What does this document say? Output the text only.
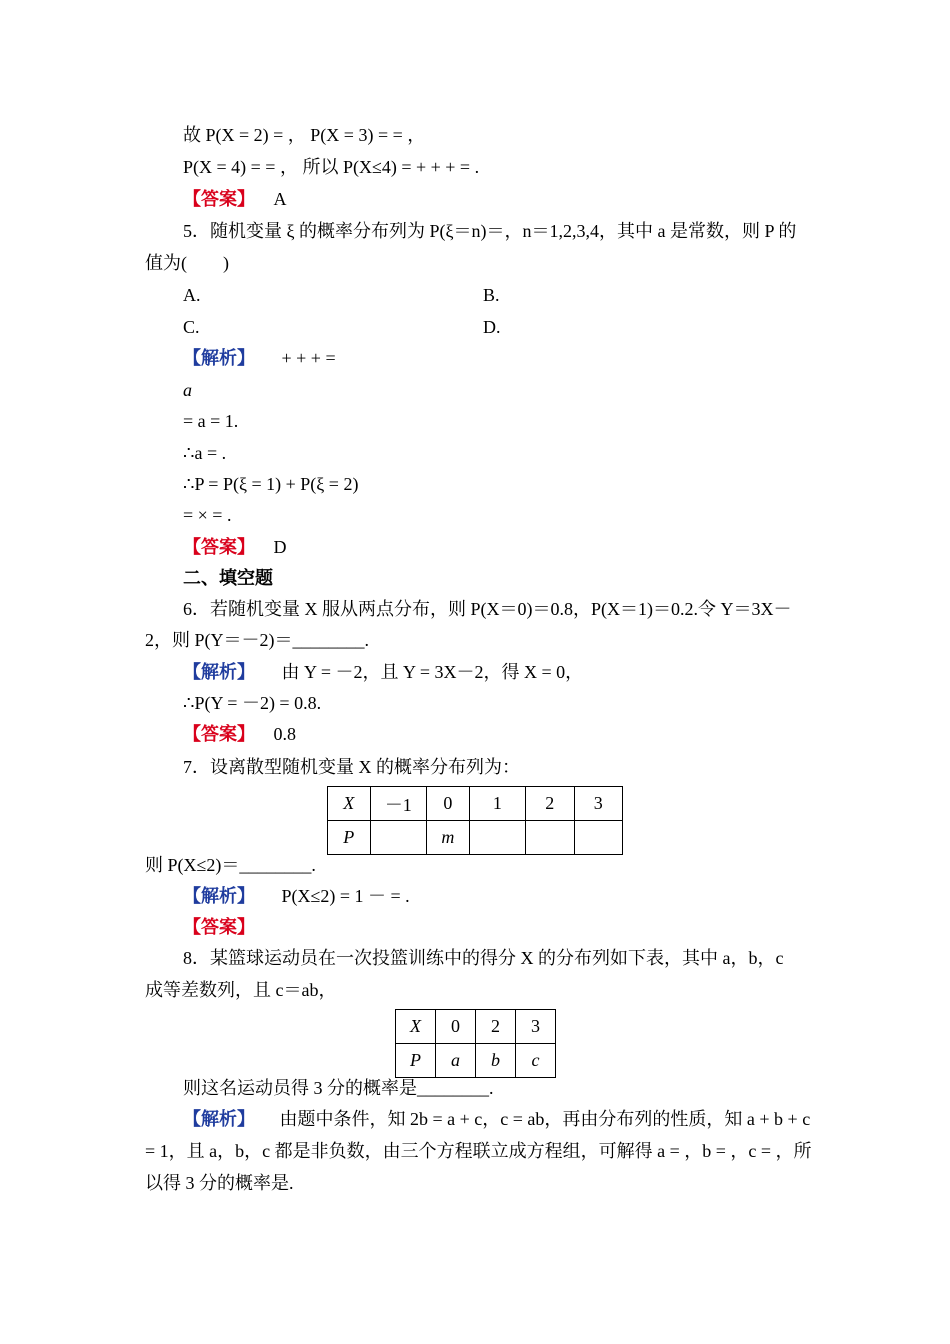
故 P(X = 2) = ， P(X = 3) = = ，
P(X = 4) = = ， 所以 P(X≤4) = + + + = .
【答案】 A
5．随机变量 ξ 的概率分布列为 P(ξ＝n)＝，n＝1,2,3,4，其中 a 是常数，则 P 的
值为(　　)
A.	B.
C.	D.
【解析】 + + + =
a
= a = 1.
∴a = .
∴P = P(ξ = 1) + P(ξ = 2)
= × = .
【答案】 D
二、填空题
6．若随机变量 X 服从两点分布，则 P(X＝0)＝0.8，P(X＝1)＝0.2.令 Y＝3X－
2，则 P(Y＝－2)＝________.
【解析】 由 Y = －2，且 Y = 3X－2，得 X = 0，
∴P(Y = －2) = 0.8.
【答案】 0.8
7．设离散型随机变量 X 的概率分布列为：
X	－1	0	1	2	3
P		m			
则 P(X≤2)＝________.
【解析】 P(X≤2) = 1 － = .
【答案】
8．某篮球运动员在一次投篮训练中的得分 X 的分布列如下表，其中 a，b，c
成等差数列，且 c＝ab，
X	0	2	3
P	a	b	c
则这名运动员得 3 分的概率是________.
【解析】 由题中条件，知 2b = a + c，c = ab，再由分布列的性质，知 a + b + c
= 1，且 a，b，c 都是非负数，由三个方程联立成方程组，可解得 a = ，b = ，c = ，所
以得 3 分的概率是.
